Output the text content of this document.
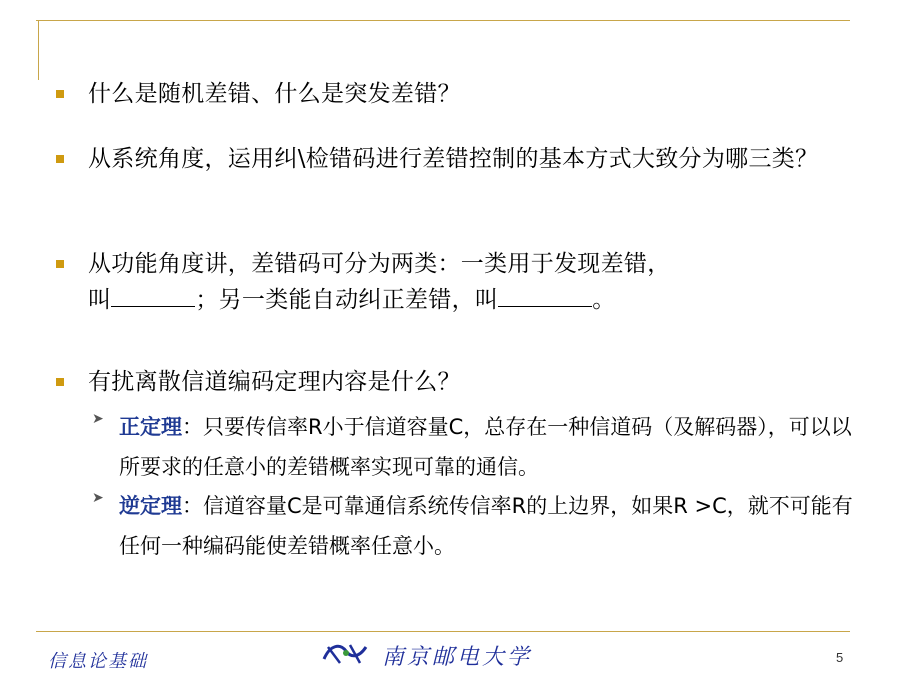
什么是随机差错、什么是突发差错？
从系统角度，运用纠\检错码进行差错控制的基本方式大致分为哪三类？
从功能角度讲，差错码可分为两类：一类用于发现差错，
叫	；另一类能自动纠正差错，叫	。
有扰离散信道编码定理内容是什么？
➤ 正定理：只要传信率R小于信道容量C，总存在一种信道码（及解码器），可以以所要求的任意小的差错概率实现可靠的通信。
➤ 逆定理：信道容量C是可靠通信系统传信率R的上边界，如果R >C，就不可能有任何一种编码能使差错概率任意小。
信息论基础	南京邮电大学	5
